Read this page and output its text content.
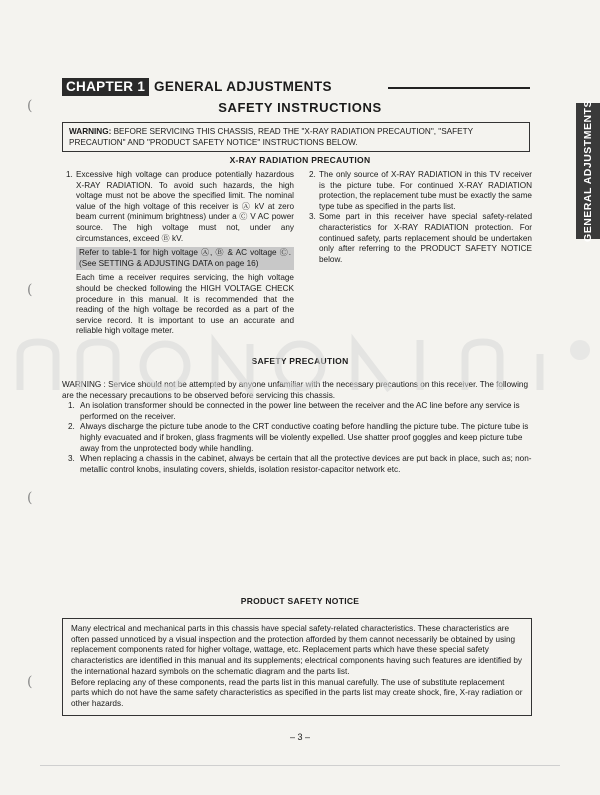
(
(
(
(
CHAPTER 1 GENERAL ADJUSTMENTS
SAFETY INSTRUCTIONS	GENERAL ADJUSTMENTS
WARNING: BEFORE SERVICING THIS CHASSIS, READ THE "X-RAY RADIATION PRECAUTION", "SAFETY PRECAUTION" AND "PRODUCT SAFETY NOTICE" INSTRUCTIONS BELOW.
X-RAY RADIATION PRECAUTION
1. Excessive high voltage can produce potentially hazardous X-RAY RADIATION. To avoid such hazards, the high voltage must not be above the specified limit. The nominal value of the high voltage of this receiver is Ⓐ kV at zero beam current (minimum brightness) under a Ⓒ V AC power source. The high voltage must not, under any circumstances, exceed Ⓑ kV.
Refer to table-1 for high voltage Ⓐ, Ⓑ & AC voltage Ⓒ. (See SETTING & ADJUSTING DATA on page 16)
Each time a receiver requires servicing, the high voltage should be checked following the HIGH VOLTAGE CHECK procedure in this manual. It is recommended that the reading of the high voltage be recorded as a part of the service record. It is important to use an accurate and reliable high voltage meter.
2. The only source of X-RAY RADIATION in this TV receiver is the picture tube. For continued X-RAY RADIATION protection, the replacement tube must be exactly the same type tube as specified in the parts list.
3. Some part in this receiver have special safety-related characteristics for X-RAY RADIATION protection. For continued safety, parts replacement should be undertaken only after referring to the PRODUCT SAFETY NOTICE below.
SAFETY PRECAUTION
WARNING : Service should not be attempted by anyone unfamiliar with the necessary precautions on this receiver. The following are the necessary precautions to be observed before servicing this chassis.
1. An isolation transformer should be connected in the power line between the receiver and the AC line before any service is performed on the receiver.
2. Always discharge the picture tube anode to the CRT conductive coating before handling the picture tube. The picture tube is highly evacuated and if broken, glass fragments will be violently expelled. Use shatter proof goggles and keep picture tube away from the unprotected body while handling.
3. When replacing a chassis in the cabinet, always be certain that all the protective devices are put back in place, such as; non-metallic control knobs, insulating covers, shields, isolation resistor-capacitor network etc.
PRODUCT SAFETY NOTICE
Many electrical and mechanical parts in this chassis have special safety-related characteristics. These characteristics are often passed unnoticed by a visual inspection and the protection afforded by them cannot necessarily be obtained by using replacement components rated for higher voltage, wattage, etc. Replacement parts which have these special safety characteristics are identified in this manual and its supplements; electrical components having such features are identified by the international hazard symbols on the schematic diagram and the parts list.
Before replacing any of these components, read the parts list in this manual carefully. The use of substitute replacement parts which do not have the same safety characteristics as specified in the parts list may create shock, fire, X-ray radiation or other hazards.
– 3 –
